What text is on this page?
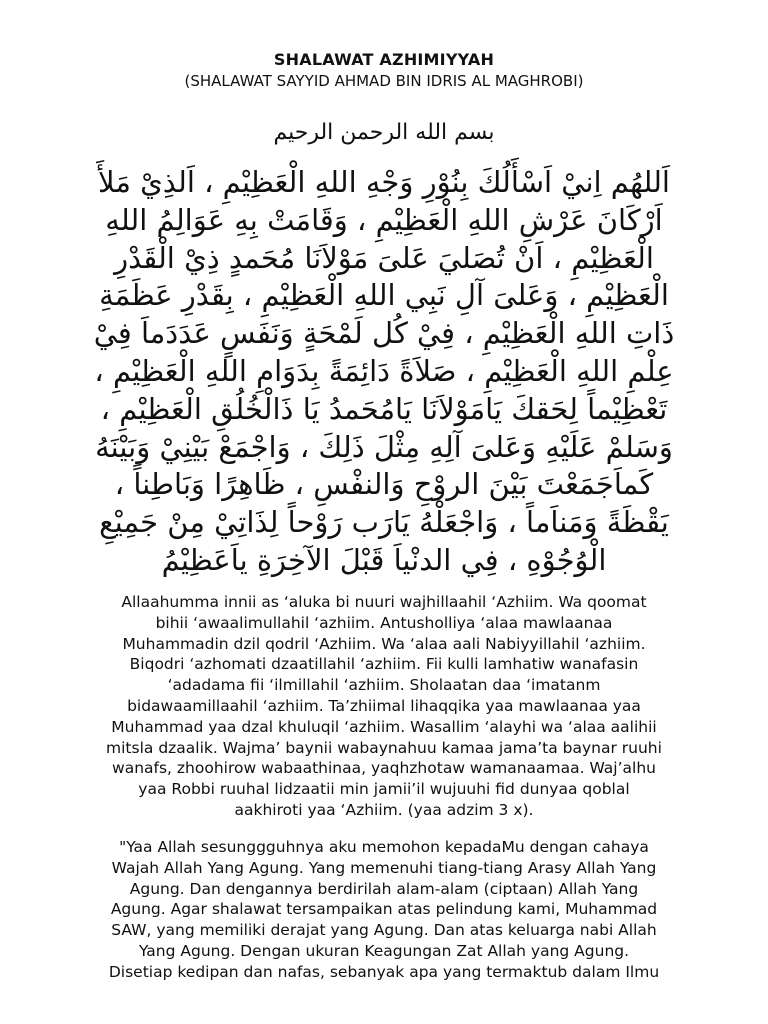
SHALAWAT AZHIMIYYAH
(SHALAWAT SAYYID AHMAD BIN IDRIS AL MAGHROBI)
بسم الله الرحمن الرحيم
اَللهُم اِنيْ اَسْأَلُكَ بِنُوْرِ وَجْهِ اللهِ الْعَظِيْمِ ، اَلذِيْ مَلأَ
اَرْكَانَ عَرْشِ اللهِ الْعَظِيْمِ ، وَقَامَتْ بِهِ عَوَالِمُ اللهِ
الْعَظِيْمِ ، اَنْ تُصَليَ عَلىَ مَوْلاَنَا مُحَمدٍ ذِيْ الْقَدْرِ
الْعَظِيْمِ ، وَعَلىَ آلِ نَبِي اللهِ الْعَظِيْمِ ، بِقَدْرِ عَظَمَةِ
ذَاتِ اللهِ الْعَظِيْمِ ، فِيْ كُل لَمْحَةٍ وَنَفَسٍ عَدَدَماَ فِيْ
عِلْمِ اللهِ الْعَظِيْمِ ، صَلاَةً دَائِمَةً بِدَوَامِ اللهِ الْعَظِيْمِ ،
تَعْظِيْماً لِحَقكَ يَامَوْلاَنَا يَامُحَمدُ يَا ذَالْخُلُقِ الْعَظِيْمِ ،
وَسَلمْ عَلَيْهِ وَعَلىَ آلِهِ مِثْلَ ذَلِكَ ، وَاجْمَعْ بَيْنِيْ وَبَيْنَهُ
كَماَجَمَعْتَ بَيْنَ الروْحِ وَالنفْسِ ، ظَاهِرًا وَبَاطِناً ،
يَقْظَةً وَمَناَماً ، وَاجْعَلْهُ يَارَب رَوْحاً لِذَاتِيْ مِنْ جَمِيْعِ
الْوُجُوْهِ ، فِي الدنْياَ قَبْلَ الآخِرَةِ ياَعَظِيْمُ
Allaahumma innii as ‘aluka bi nuuri wajhillaahil ‘Azhiim. Wa qoomat
bihii ‘awaalimullahil ‘azhiim. Antusholliya ‘alaa mawlaanaa
Muhammadin dzil qodril ‘Azhiim. Wa ‘alaa aali Nabiyyillahil ‘azhiim.
Biqodri ‘azhomati dzaatillahil ‘azhiim. Fii kulli lamhatiw wanafasin
‘adadama fii ‘ilmillahil ‘azhiim. Sholaatan daa ‘imatanm
bidawaamillaahil ‘azhiim. Ta’zhiimal lihaqqika yaa mawlaanaa yaa
Muhammad yaa dzal khuluqil ‘azhiim. Wasallim ‘alayhi wa ‘alaa aalihii
mitsla dzaalik. Wajma’ baynii wabaynahuu kamaa jama’ta baynar ruuhi
wanafs, zhoohirow wabaathinaa, yaqhzhotaw wamanaamaa. Waj’alhu
yaa Robbi ruuhal lidzaatii min jamii’il wujuuhi fid dunyaa qoblal
aakhiroti yaa ‘Azhiim. (yaa adzim 3 x).
"Yaa Allah sesunggguhnya aku memohon kepadaMu dengan cahaya
Wajah Allah Yang Agung. Yang memenuhi tiang-tiang Arasy Allah Yang
Agung. Dan dengannya berdirilah alam-alam (ciptaan) Allah Yang
Agung. Agar shalawat tersampaikan atas pelindung kami, Muhammad
SAW, yang memiliki derajat yang Agung. Dan atas keluarga nabi Allah
Yang Agung. Dengan ukuran Keagungan Zat Allah yang Agung.
Disetiap kedipan dan nafas, sebanyak apa yang termaktub dalam Ilmu
